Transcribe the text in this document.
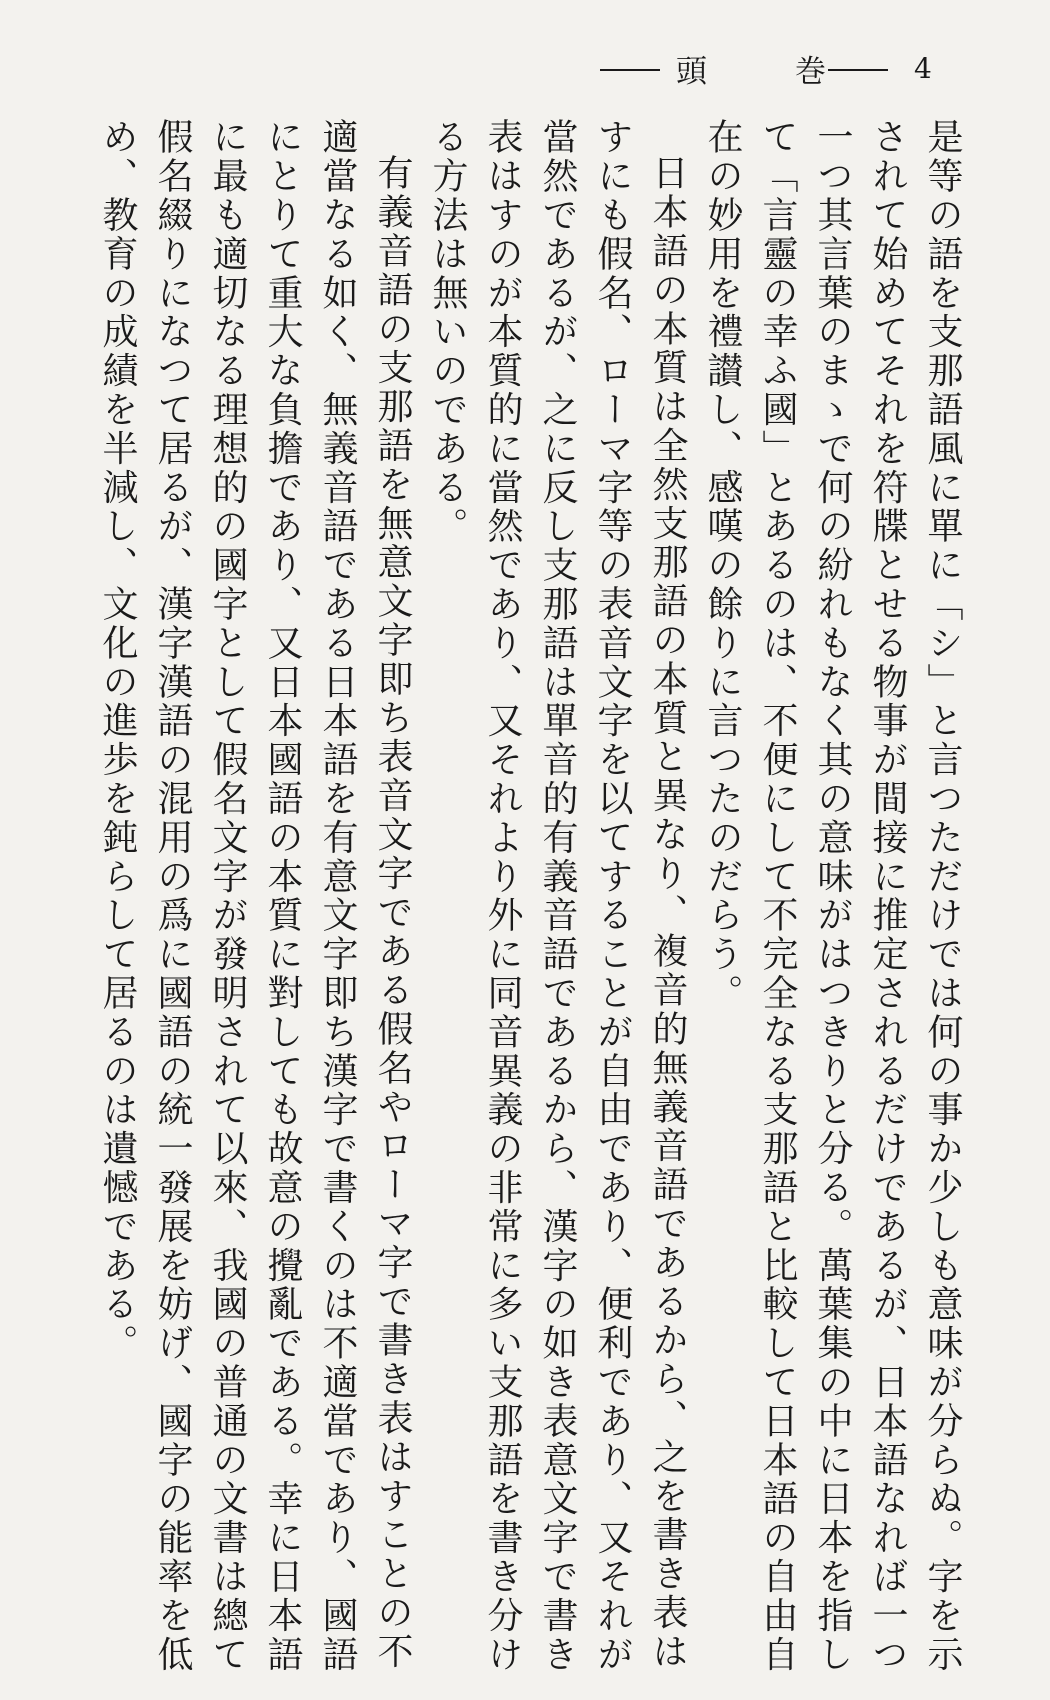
―― 頭	巻 ―― 4

是等の語を支那語風に單に「シ」と言つただけでは何の事か少しも意味が分らぬ。字を示されて始めてそれを符牒とせる物事が間接に推定されるだけであるが、日本語なれば一つ一つ其言葉のまゝで何の紛れもなく其の意味がはつきりと分る。萬葉集の中に日本を指して「言靈の幸ふ國」とあるのは、不便にして不完全なる支那語と比較して日本語の自由自在の妙用を禮讃し、感嘆の餘りに言つたのだらう。

日本語の本質は全然支那語の本質と異なり、複音的無義音語であるから、之を書き表はすにも假名、ローマ字等の表音文字を以てすることが自由であり、便利であり、又それが當然であるが、之に反し支那語は單音的有義音語であるから、漢字の如き表意文字で書き表はすのが本質的に當然であり、又それより外に同音異義の非常に多い支那語を書き分ける方法は無いのである。

有義音語の支那語を無意文字即ち表音文字である假名やローマ字で書き表はすことの不適當なる如く、無義音語である日本語を有意文字即ち漢字で書くのは不適當であり、國語にとりて重大な負擔であり、又日本國語の本質に對しても故意の攪亂である。幸に日本語に最も適切なる理想的の國字として假名文字が發明されて以來、我國の普通の文書は總て假名綴りになつて居るが、漢字漢語の混用の爲に國語の統一發展を妨げ、國字の能率を低め、教育の成績を半減し、文化の進歩を鈍らして居るのは遺憾である。
